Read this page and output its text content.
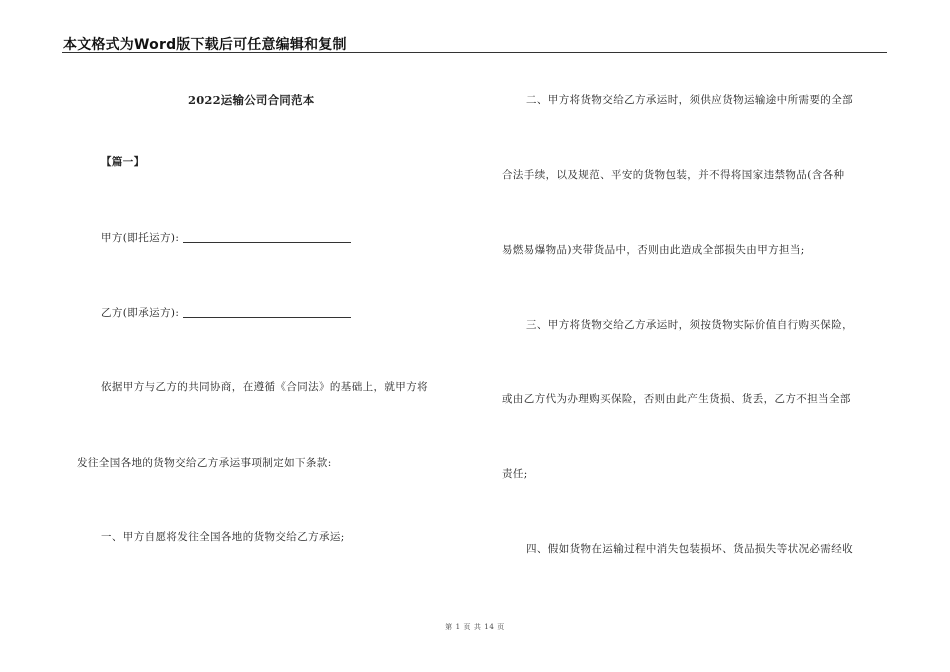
本文格式为Word版下载后可任意编辑和复制
2022运输公司合同范本
【篇一】
甲方(即托运方):
乙方(即承运方):
依据甲方与乙方的共同协商，在遵循《合同法》的基础上，就甲方将
发往全国各地的货物交给乙方承运事项制定如下条款:
一、甲方自愿将发往全国各地的货物交给乙方承运;
二、甲方将货物交给乙方承运时，须供应货物运输途中所需要的全部
合法手续，以及规范、平安的货物包装，并不得将国家违禁物品(含各种
易燃易爆物品)夹带货品中，否则由此造成全部损失由甲方担当;
三、甲方将货物交给乙方承运时，须按货物实际价值自行购买保险，
或由乙方代为办理购买保险，否则由此产生货损、货丢，乙方不担当全部
责任;
四、假如货物在运输过程中消失包装损坏、货品损失等状况必需经收
第 1 页 共 14 页
